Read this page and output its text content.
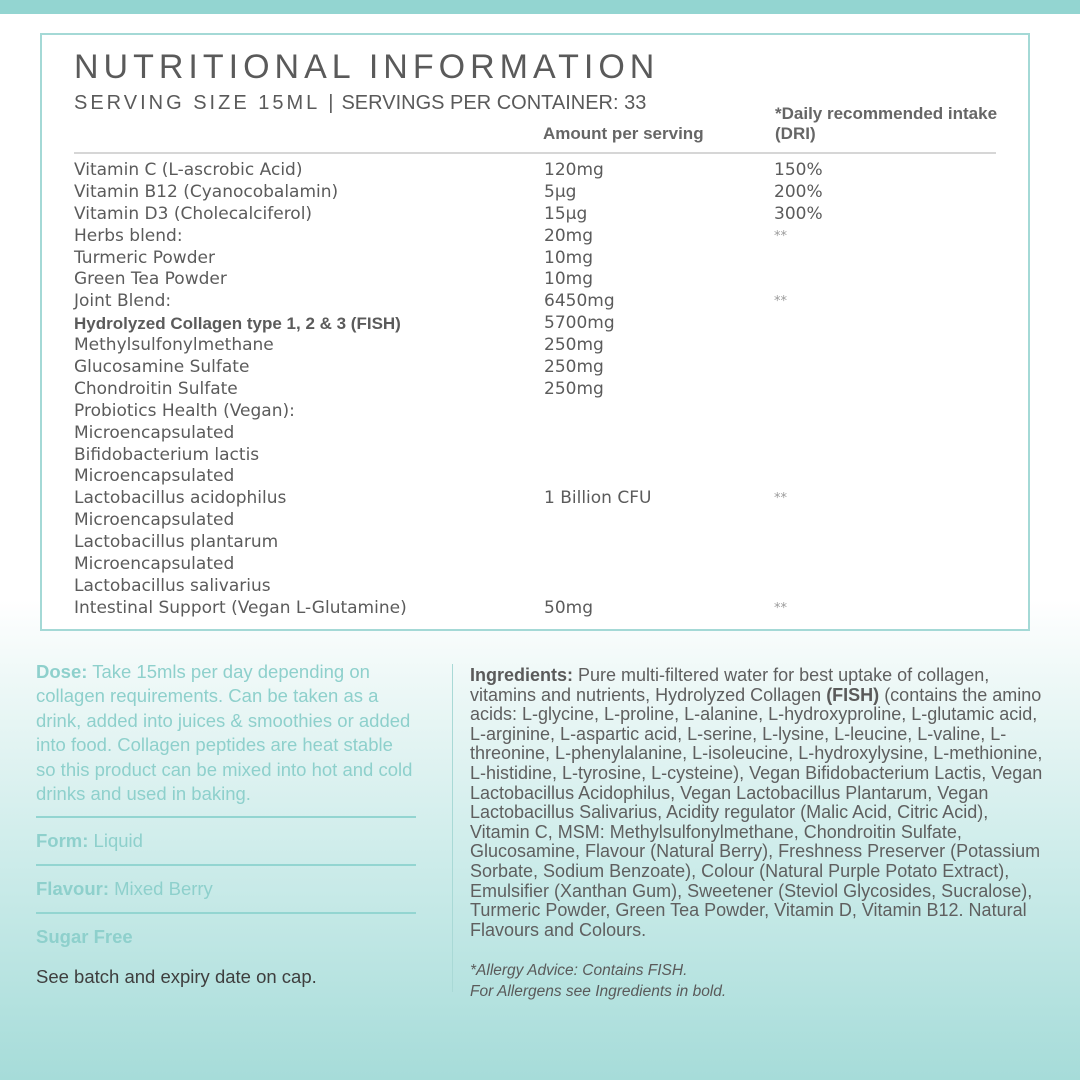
NUTRITIONAL INFORMATION
SERVING SIZE 15ML | SERVINGS PER CONTAINER: 33
Amount per serving
*Daily recommended intake (DRI)
Vitamin C (L-ascrobic Acid)	120mg	150%
Vitamin B12 (Cyanocobalamin)	5µg	200%
Vitamin D3 (Cholecalciferol)	15µg	300%
Herbs blend:	20mg	**
Turmeric Powder	10mg
Green Tea Powder	10mg
Joint Blend:	6450mg	**
Hydrolyzed Collagen type 1, 2 & 3 (FISH)	5700mg
Methylsulfonylmethane	250mg
Glucosamine Sulfate	250mg
Chondroitin Sulfate	250mg
Probiotics Health (Vegan):
Microencapsulated
Bifidobacterium lactis
Microencapsulated
Lactobacillus acidophilus	1 Billion CFU	**
Microencapsulated
Lactobacillus plantarum
Microencapsulated
Lactobacillus salivarius
Intestinal Support (Vegan L-Glutamine)	50mg	**

Dose: Take 15mls per day depending on collagen requirements. Can be taken as a drink, added into juices & smoothies or added into food. Collagen peptides are heat stable so this product can be mixed into hot and cold drinks and used in baking.

Form: Liquid
Flavour: Mixed Berry
Sugar Free
See batch and expiry date on cap.

Ingredients: Pure multi-filtered water for best uptake of collagen, vitamins and nutrients, Hydrolyzed Collagen (FISH) (contains the amino acids: L-glycine, L-proline, L-alanine, L-hydroxyproline, L-glutamic acid, L-arginine, L-aspartic acid, L-serine, L-lysine, L-leucine, L-valine, L-threonine, L-phenylalanine, L-isoleucine, L-hydroxylysine, L-methionine, L-histidine, L-tyrosine, L-cysteine), Vegan Bifidobacterium Lactis, Vegan Lactobacillus Acidophilus, Vegan Lactobacillus Plantarum, Vegan Lactobacillus Salivarius, Acidity regulator (Malic Acid, Citric Acid), Vitamin C, MSM: Methylsulfonylmethane, Chondroitin Sulfate, Glucosamine, Flavour (Natural Berry), Freshness Preserver (Potassium Sorbate, Sodium Benzoate), Colour (Natural Purple Potato Extract), Emulsifier (Xanthan Gum), Sweetener (Steviol Glycosides, Sucralose), Turmeric Powder, Green Tea Powder, Vitamin D, Vitamin B12. Natural Flavours and Colours.

*Allergy Advice: Contains FISH.
For Allergens see Ingredients in bold.
